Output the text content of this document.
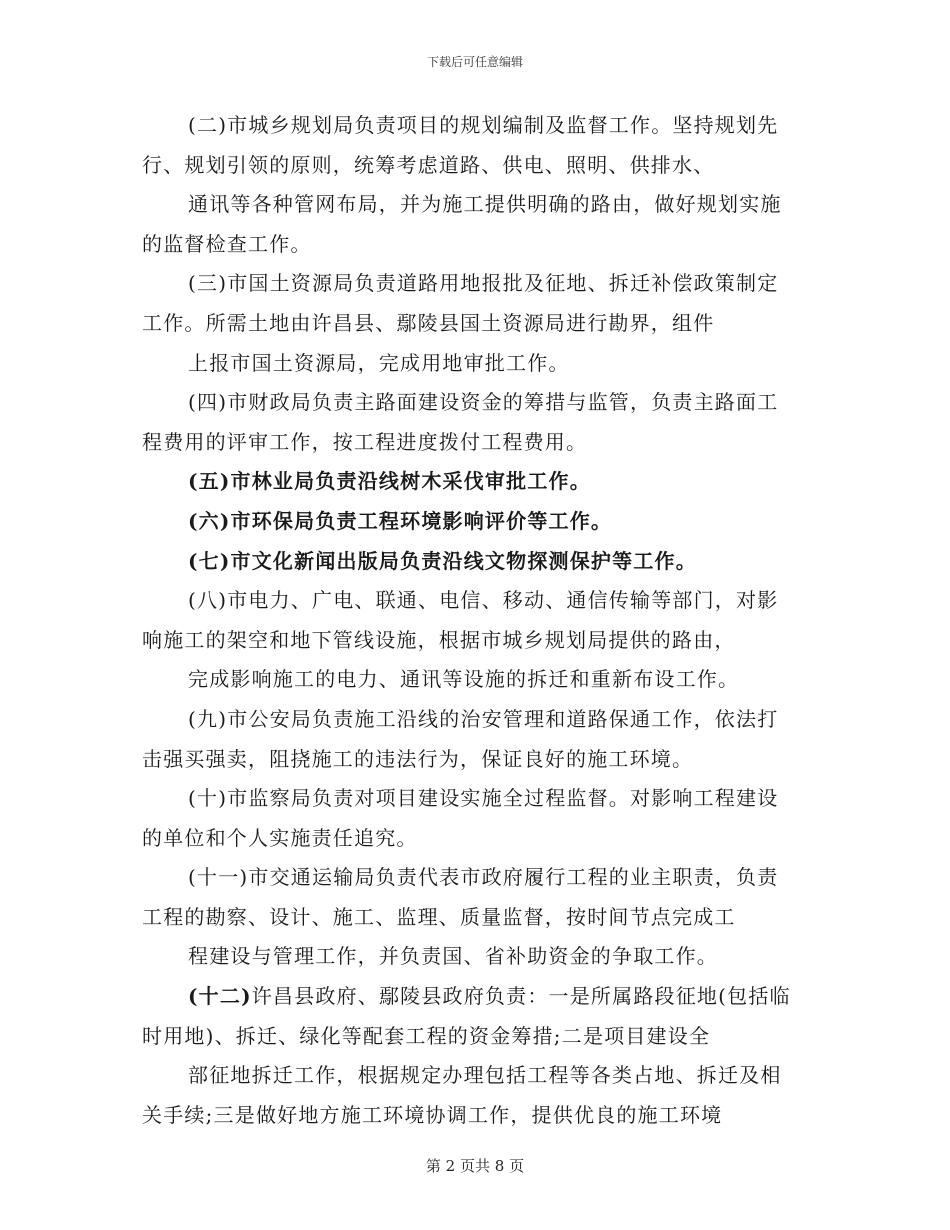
下载后可任意编辑
(二)市城乡规划局负责项目的规划编制及监督工作。坚持规划先
行、规划引领的原则，统筹考虑道路、供电、照明、供排水、
通讯等各种管网布局，并为施工提供明确的路由，做好规划实施
的监督检查工作。
(三)市国土资源局负责道路用地报批及征地、拆迁补偿政策制定
工作。所需土地由许昌县、鄢陵县国土资源局进行勘界，组件
上报市国土资源局，完成用地审批工作。
(四)市财政局负责主路面建设资金的筹措与监管，负责主路面工
程费用的评审工作，按工程进度拨付工程费用。
(五)市林业局负责沿线树木采伐审批工作。
(六)市环保局负责工程环境影响评价等工作。
(七)市文化新闻出版局负责沿线文物探测保护等工作。
(八)市电力、广电、联通、电信、移动、通信传输等部门，对影
响施工的架空和地下管线设施，根据市城乡规划局提供的路由，
完成影响施工的电力、通讯等设施的拆迁和重新布设工作。
(九)市公安局负责施工沿线的治安管理和道路保通工作，依法打
击强买强卖，阻挠施工的违法行为，保证良好的施工环境。
(十)市监察局负责对项目建设实施全过程监督。对影响工程建设
的单位和个人实施责任追究。
(十一)市交通运输局负责代表市政府履行工程的业主职责，负责
工程的勘察、设计、施工、监理、质量监督，按时间节点完成工
程建设与管理工作，并负责国、省补助资金的争取工作。
(十二)许昌县政府、鄢陵县政府负责：一是所属路段征地(包括临
时用地)、拆迁、绿化等配套工程的资金筹措;二是项目建设全
部征地拆迁工作，根据规定办理包括工程等各类占地、拆迁及相
关手续;三是做好地方施工环境协调工作，提供优良的施工环境
第 2 页共 8 页
